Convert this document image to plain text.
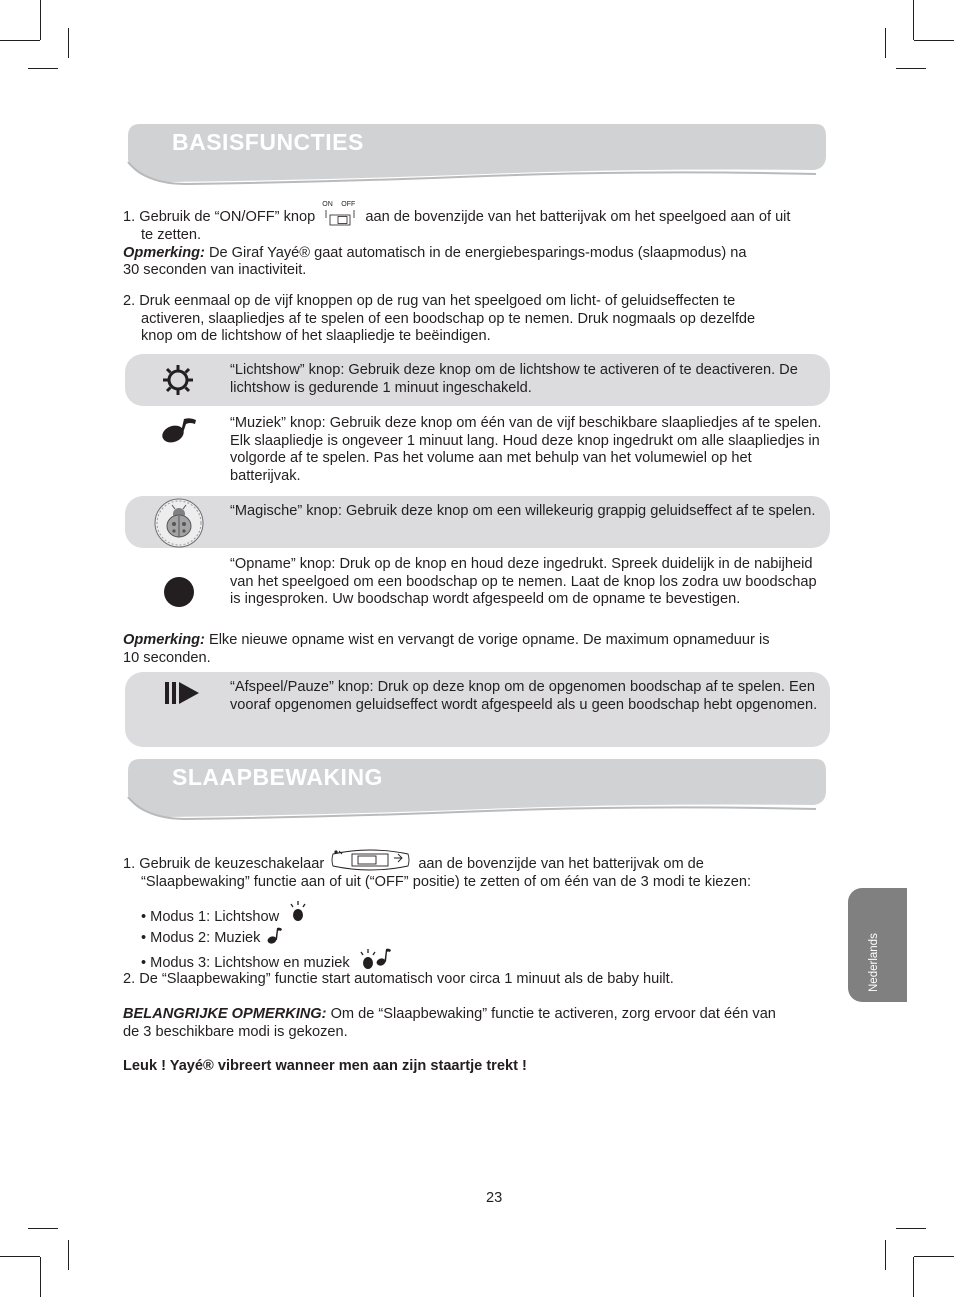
BASISFUNCTIES
1. Gebruik de “ON/OFF” knop
ON OFF
aan de bovenzijde van het batterijvak om het speelgoed aan of uit
te zetten.
Opmerking: De Giraf Yayé® gaat automatisch in de energiebesparings-modus (slaapmodus) na
30 seconden van inactiviteit.
2. Druk eenmaal op de vijf knoppen op de rug van het speelgoed om licht- of geluidseffecten te
activeren, slaapliedjes af te spelen of een boodschap op te nemen. Druk nogmaals op dezelfde
knop om de lichtshow of het slaapliedje te beëindigen.
“Lichtshow” knop: Gebruik deze knop om de lichtshow te activeren of te deactiveren. De lichtshow is gedurende 1 minuut ingeschakeld.
“Muziek” knop: Gebruik deze knop om één van de vijf beschikbare slaapliedjes af te spelen. Elk slaapliedje is ongeveer 1 minuut lang. Houd deze knop ingedrukt om alle slaapliedjes in volgorde af te spelen. Pas het volume aan met behulp van het volumewiel op het batterijvak.
“Magische” knop: Gebruik deze knop om een willekeurig grappig geluidseffect af te spelen.
“Opname” knop: Druk op de knop en houd deze ingedrukt. Spreek duidelijk in de nabijheid van het speelgoed om een boodschap op te nemen. Laat de knop los zodra uw boodschap is ingesproken. Uw boodschap wordt afgespeeld om de opname te bevestigen.
Opmerking: Elke nieuwe opname wist en vervangt de vorige opname. De maximum opnameduur is
10 seconden.
“Afspeel/Pauze” knop: Druk op deze knop om de opgenomen boodschap af te spelen. Een vooraf opgenomen geluidseffect wordt afgespeeld als u geen boodschap hebt opgenomen.
SLAAPBEWAKING
1. Gebruik de keuzeschakelaar	aan de bovenzijde van het batterijvak om de
“Slaapbewaking” functie aan of uit (“OFF” positie) te zetten of om één van de 3 modi te kiezen:
• Modus 1: Lichtshow
• Modus 2: Muziek
• Modus 3: Lichtshow en muziek
2. De “Slaapbewaking” functie start automatisch voor circa 1 minuut als de baby huilt.
BELANGRIJKE OPMERKING: Om de “Slaapbewaking” functie te activeren, zorg ervoor dat één van
de 3 beschikbare modi is gekozen.
Leuk ! Yayé® vibreert wanneer men aan zijn staartje trekt !
Nederlands
23
